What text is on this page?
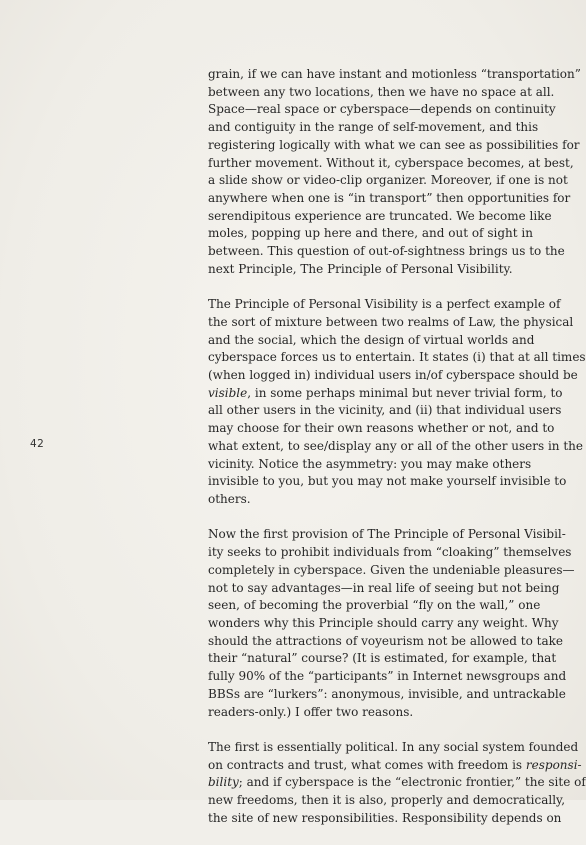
42

grain, if we can have instant and motionless “transportation”
between any two locations, then we have no space at all.
Space—real space or cyberspace—depends on continuity
and contiguity in the range of self-movement, and this
registering logically with what we can see as possibilities for
further movement. Without it, cyberspace becomes, at best,
a slide show or video-clip organizer. Moreover, if one is not
anywhere when one is “in transport” then opportunities for
serendipitous experience are truncated. We become like
moles, popping up here and there, and out of sight in
between. This question of out-of-sightness brings us to the
next Principle, The Principle of Personal Visibility.

The Principle of Personal Visibility is a perfect example of
the sort of mixture between two realms of Law, the physical
and the social, which the design of virtual worlds and
cyberspace forces us to entertain. It states (i) that at all times
(when logged in) individual users in/of cyberspace should be
visible, in some perhaps minimal but never trivial form, to
all other users in the vicinity, and (ii) that individual users
may choose for their own reasons whether or not, and to
what extent, to see/display any or all of the other users in the
vicinity. Notice the asymmetry: you may make others
invisible to you, but you may not make yourself invisible to
others.

Now the first provision of The Principle of Personal Visibil-
ity seeks to prohibit individuals from “cloaking” themselves
completely in cyberspace. Given the undeniable pleasures—
not to say advantages—in real life of seeing but not being
seen, of becoming the proverbial “fly on the wall,” one
wonders why this Principle should carry any weight. Why
should the attractions of voyeurism not be allowed to take
their “natural” course? (It is estimated, for example, that
fully 90% of the “participants” in Internet newsgroups and
BBSs are “lurkers”: anonymous, invisible, and untrackable
readers-only.) I offer two reasons.

The first is essentially political. In any social system founded
on contracts and trust, what comes with freedom is responsi-
bility; and if cyberspace is the “electronic frontier,” the site of
new freedoms, then it is also, properly and democratically,
the site of new responsibilities. Responsibility depends on
